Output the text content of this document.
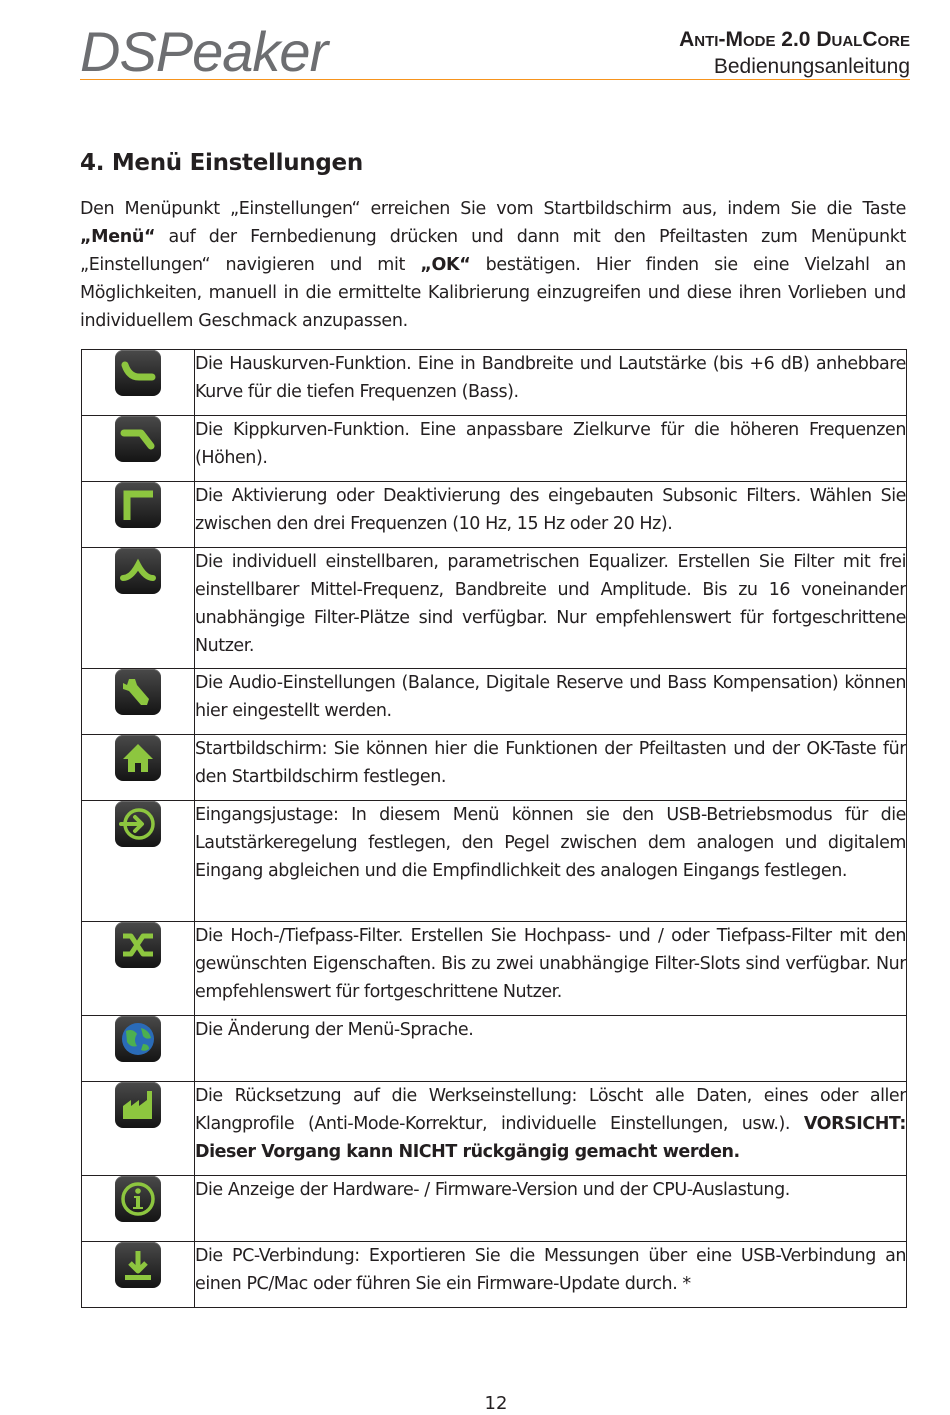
DSPeaker	Anti-Mode 2.0 DualCore
Bedienungsanleitung
4. Menü Einstellungen

Den Menüpunkt „Einstellungen“ erreichen Sie vom Startbildschirm aus, indem Sie die Taste „Menü“ auf der Fernbedienung drücken und dann mit den Pfeiltasten zum Menüpunkt „Einstellungen“ navigieren und mit „OK“ bestätigen. Hier finden sie eine Vielzahl an Möglichkeiten, manuell in die ermittelte Kalibrierung einzugreifen und diese ihren Vorlieben und individuellem Geschmack anzupassen.

	Die Hauskurven-Funktion. Eine in Bandbreite und Lautstärke (bis +6 dB) anhebbare Kurve für die tiefen Frequenzen (Bass).

	Die Kippkurven-Funktion. Eine anpassbare Zielkurve für die höheren Frequenzen (Höhen).

	Die Aktivierung oder Deaktivierung des eingebauten Subsonic Filters. Wählen Sie zwischen den drei Frequenzen (10 Hz, 15 Hz oder 20 Hz).

	Die individuell einstellbaren, parametrischen Equalizer. Erstellen Sie Filter mit frei einstellbarer Mittel-Frequenz, Bandbreite und Amplitude. Bis zu 16 voneinander unabhängige Filter-Plätze sind verfügbar. Nur empfehlenswert für fortgeschrittene Nutzer.

	Die Audio-Einstellungen (Balance, Digitale Reserve und Bass Kompensation) können hier eingestellt werden.

	Startbildschirm: Sie können hier die Funktionen der Pfeiltasten und der OK-Taste für den Startbildschirm festlegen.

	Eingangsjustage: In diesem Menü können sie den USB-Betriebsmodus für die Lautstärkeregelung festlegen, den Pegel zwischen dem analogen und digitalem Eingang abgleichen und die Empfindlichkeit des analogen Eingangs festlegen.

	Die Hoch-/Tiefpass-Filter. Erstellen Sie Hochpass- und / oder Tiefpass-Filter mit den gewünschten Eigenschaften. Bis zu zwei unabhängige Filter-Slots sind verfügbar. Nur empfehlenswert für fortgeschrittene Nutzer.

	Die Änderung der Menü-Sprache.

	Die Rücksetzung auf die Werkseinstellung: Löscht alle Daten, eines oder aller Klangprofile (Anti-Mode-Korrektur, individuelle Einstellungen, usw.). VORSICHT: Dieser Vorgang kann NICHT rückgängig gemacht werden.

	Die Anzeige der Hardware- / Firmware-Version und der CPU-Auslastung.

	Die PC-Verbindung: Exportieren Sie die Messungen über eine USB-Verbindung an einen PC/Mac oder führen Sie ein Firmware-Update durch. *
12
